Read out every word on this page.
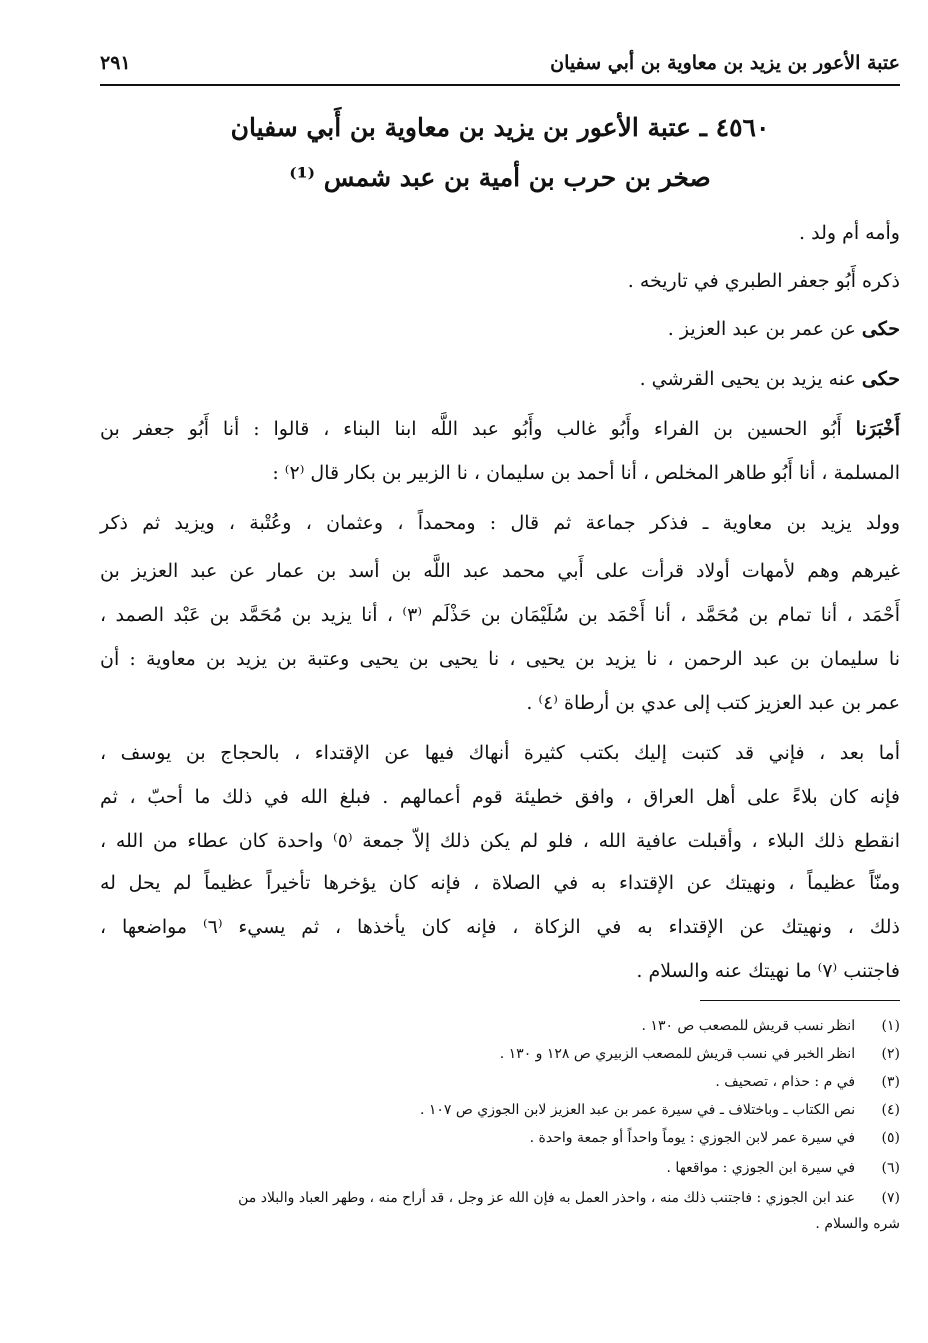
عتبة الأعور بن يزيد بن معاوية بن أبي سفيان
٢٩١
٤٥٦٠ ـ عتبة الأعور بن يزيد بن معاوية بن أَبي سفيان
صخر بن حرب بن أمية بن عبد شمس ⁽¹⁾
وأمه أم ولد .
ذكره أَبُو جعفر الطبري في تاريخه .
حكى عن عمر بن عبد العزيز .
حكى عنه يزيد بن يحيى القرشي .
أَخْبَرَنا أَبُو الحسين بن الفراء وأَبُو غالب وأَبُو عبد اللَّه ابنا البناء ، قالوا : أنا أَبُو جعفر بن
المسلمة ، أنا أَبُو طاهر المخلص ، أنا أحمد بن سليمان ، نا الزبير بن بكار قال ⁽٢⁾ :
وولد يزيد بن معاوية ـ فذكر جماعة ثم قال : ومحمداً ، وعثمان ، وعُتْبة ، ويزيد ثم ذكر
غيرهم وهم لأمهات أولاد قرأت على أَبي محمد عبد اللَّه بن أسد بن عمار عن عبد العزيز بن
أَحْمَد ، أنا تمام بن مُحَمَّد ، أنا أَحْمَد بن سُلَيْمَان بن حَذْلَم ⁽٣⁾ ، أنا يزيد بن مُحَمَّد بن عَبْد الصمد ،
نا سليمان بن عبد الرحمن ، نا يزيد بن يحيى ، نا يحيى بن يحيى وعتبة بن يزيد بن معاوية : أن
عمر بن عبد العزيز كتب إلى عدي بن أرطاة ⁽٤⁾ .
أما بعد ، فإني قد كتبت إليك بكتب كثيرة أنهاك فيها عن الإقتداء ، بالحجاج بن يوسف ،
فإنه كان بلاءً على أهل العراق ، وافق خطيئة قوم أعمالهم . فبلغ الله في ذلك ما أحبّ ، ثم
انقطع ذلك البلاء ، وأقبلت عافية الله ، فلو لم يكن ذلك إلاّ جمعة ⁽٥⁾ واحدة كان عطاء من الله ،
ومنّاً عظيماً ، ونهيتك عن الإقتداء به في الصلاة ، فإنه كان يؤخرها تأخيراً عظيماً لم يحل له
ذلك ، ونهيتك عن الإقتداء به في الزكاة ، فإنه كان يأخذها ، ثم يسيء ⁽٦⁾ مواضعها ،
فاجتنب ⁽٧⁾ ما نهيتك عنه والسلام .
(١)  انظر نسب قريش للمصعب ص ١٣٠ .
(٢)  انظر الخبر في نسب قريش للمصعب الزبيري ص ١٢٨ و ١٣٠ .
(٣)  في م : حذام ، تصحيف .
(٤)  نص الكتاب ـ وباختلاف ـ في سيرة عمر بن عبد العزيز لابن الجوزي ص ١٠٧ .
(٥)  في سيرة عمر لابن الجوزي : يوماً واحداً أو جمعة واحدة .
(٦)  في سيرة ابن الجوزي : مواقعها .
(٧)  عند ابن الجوزي : فاجتنب ذلك منه ، واحذر العمل به فإن الله عز وجل ، قد أراح منه ، وطهر العباد والبلاد من
شره والسلام .
